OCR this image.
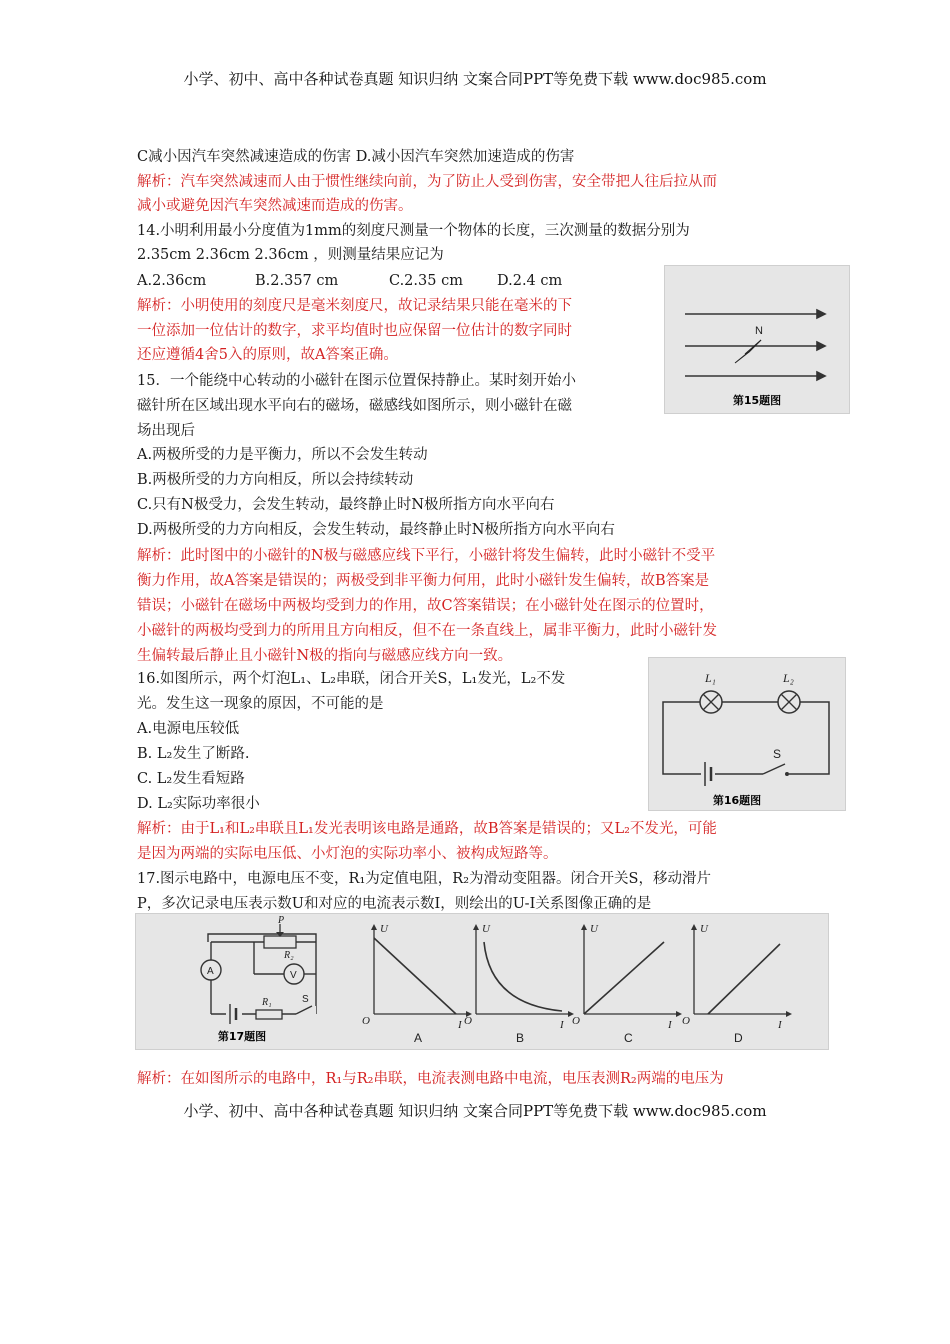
小学、初中、高中各种试卷真题 知识归纳 文案合同PPT等免费下载 www.doc985.com
小学、初中、高中各种试卷真题 知识归纳 文案合同PPT等免费下载 www.doc985.com
C减小因汽车突然减速造成的伤害 D.减小因汽车突然加速造成的伤害
解析：汽车突然减速而人由于惯性继续向前，为了防止人受到伤害，安全带把人往后拉从而
减小或避免因汽车突然减速而造成的伤害。
14.小明利用最小分度值为1mm的刻度尺测量一个物体的长度，三次测量的数据分别为
2.35cm 2.36cm 2.36cm ，则测量结果应记为
A.2.36cm	B.2.357 cm	C.2.35 cm D.2.4 cm
解析：小明使用的刻度尺是毫米刻度尺，故记录结果只能在毫米的下
一位添加一位估计的数字，求平均值时也应保留一位估计的数字同时
还应遵循4舍5入的原则，故A答案正确。
N
第15题图
15．一个能绕中心转动的小磁针在图示位置保持静止。某时刻开始小
磁针所在区域出现水平向右的磁场，磁感线如图所示，则小磁针在磁
场出现后
A.两极所受的力是平衡力，所以不会发生转动
B.两极所受的力方向相反，所以会持续转动
C.只有N极受力，会发生转动，最终静止时N极所指方向水平向右
D.两极所受的力方向相反，会发生转动，最终静止时N极所指方向水平向右
解析：此时图中的小磁针的N极与磁感应线下平行，小磁针将发生偏转，此时小磁针不受平
衡力作用，故A答案是错误的；两极受到非平衡力何用，此时小磁针发生偏转，故B答案是
错误；小磁针在磁场中两极均受到力的作用，故C答案错误；在小磁针处在图示的位置时，
小磁针的两极均受到力的所用且方向相反，但不在一条直线上，属非平衡力，此时小磁针发
生偏转最后静止且小磁针N极的指向与磁感应线方向一致。
L₁	L₂
S
第16题图
16.如图所示，两个灯泡L₁、L₂串联，闭合开关S，L₁发光，L₂不发
光。发生这一现象的原因，不可能的是
A.电源电压较低
B. L₂发生了断路.
C. L₂发生看短路
D. L₂实际功率很小
解析：由于L₁和L₂串联且L₁发光表明该电路是通路，故B答案是错误的；又L₂不发光，可能
是因为两端的实际电压低、小灯泡的实际功率小、被构成短路等。
17.图示电路中，电源电压不变，R₁为定值电阻，R₂为滑动变阻器。闭合开关S，移动滑片
P，多次记录电压表示数U和对应的电流表示数I，则绘出的U-I关系图像正确的是
A	V
P
R₂
R₁	S
第17题图
U
O	I
A
U
O	I
B
U
O	I
C
U
O	I
D
解析：在如图所示的电路中，R₁与R₂串联，电流表测电路中电流，电压表测R₂两端的电压为
